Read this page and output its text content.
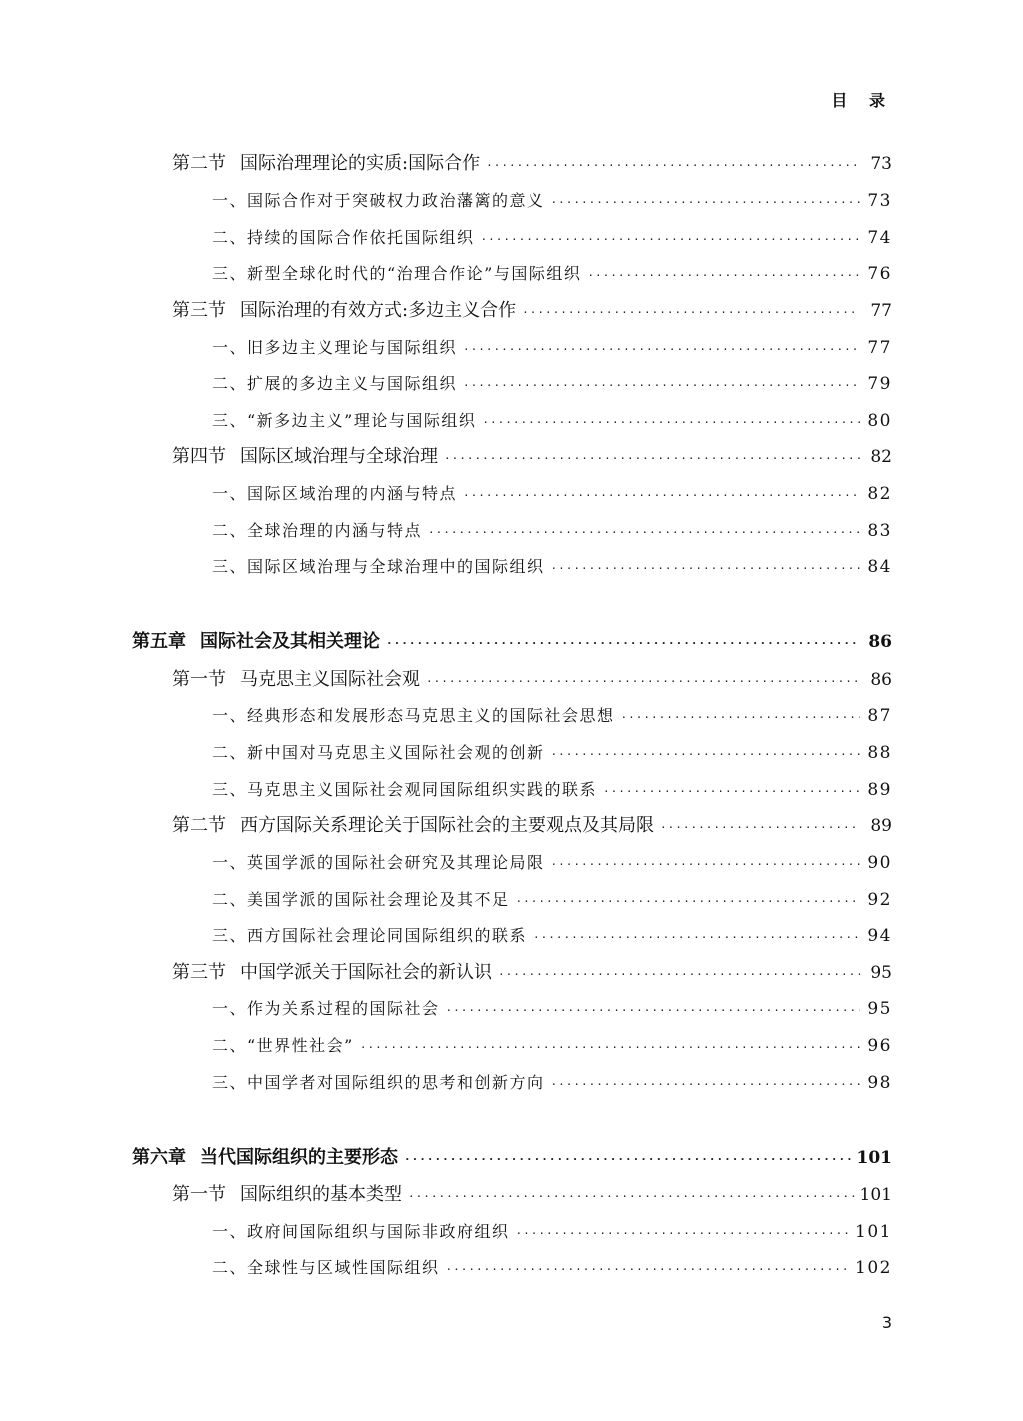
目 录
第二节 国际治理理论的实质:国际合作 ·····	73
一、国际合作对于突破权力政治藩篱的意义 ·····	73
二、持续的国际合作依托国际组织 ·····	74
三、新型全球化时代的“治理合作论”与国际组织 ·····	76
第三节 国际治理的有效方式:多边主义合作 ·····	77
一、旧多边主义理论与国际组织 ·····	77
二、扩展的多边主义与国际组织 ·····	79
三、“新多边主义”理论与国际组织 ·····	80
第四节 国际区域治理与全球治理 ·····	82
一、国际区域治理的内涵与特点 ·····	82
二、全球治理的内涵与特点 ·····	83
三、国际区域治理与全球治理中的国际组织 ·····	84
第五章 国际社会及其相关理论 ·····	86
第一节 马克思主义国际社会观 ·····	86
一、经典形态和发展形态马克思主义的国际社会思想 ·····	87
二、新中国对马克思主义国际社会观的创新 ·····	88
三、马克思主义国际社会观同国际组织实践的联系 ·····	89
第二节 西方国际关系理论关于国际社会的主要观点及其局限 ·····	89
一、英国学派的国际社会研究及其理论局限 ·····	90
二、美国学派的国际社会理论及其不足 ·····	92
三、西方国际社会理论同国际组织的联系 ·····	94
第三节 中国学派关于国际社会的新认识 ·····	95
一、作为关系过程的国际社会 ·····	95
二、“世界性社会” ·····	96
三、中国学者对国际组织的思考和创新方向 ·····	98
第六章 当代国际组织的主要形态 ·····	101
第一节 国际组织的基本类型 ·····	101
一、政府间国际组织与国际非政府组织 ·····	101
二、全球性与区域性国际组织 ·····	102
3
